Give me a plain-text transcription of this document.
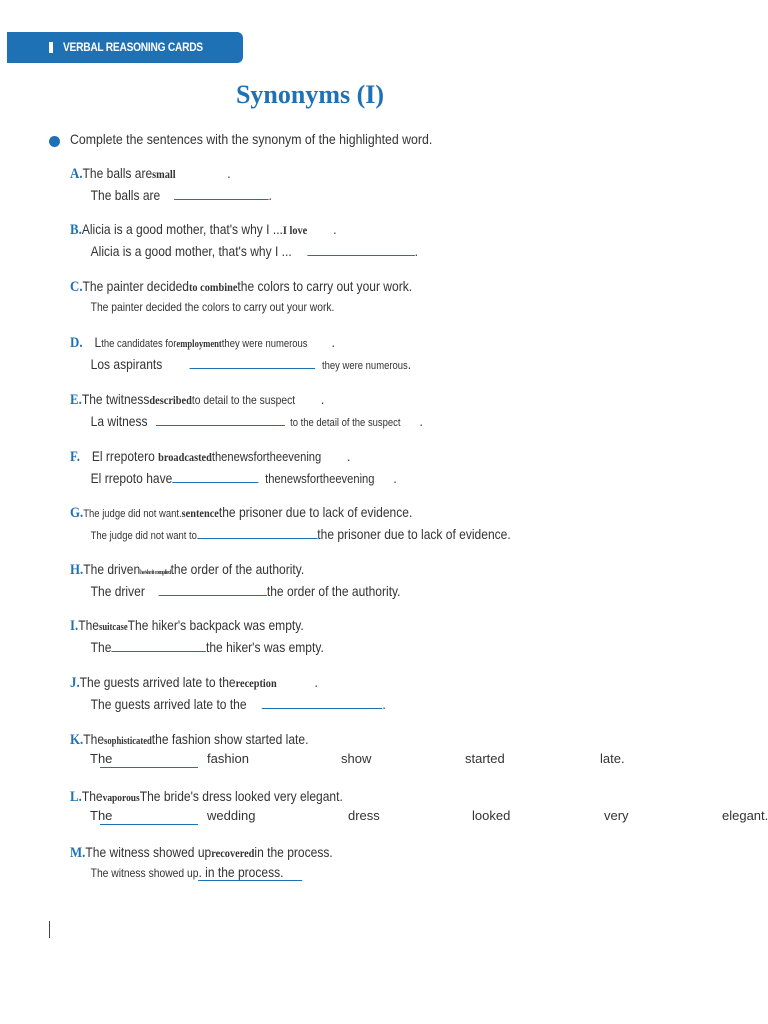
VERBAL REASONING CARDS
Synonyms (I)
Complete the sentences with the synonym of the highlighted word.
A.The balls aresmall	.
The balls are	.
B.Alicia is a good mother, that's why I ...I love .
Alicia is a good mother, that's why I ...	.
C.The painter decidedto combinethe colors to carry out your work.
The painter decided the colors to carry out your work.
D. Lthe candidates foremploymentthey were numerous .
Los aspirants	they were numerous.
E.The twitnessdescribedto detail to the suspect .
La witness	to the detail of the suspect .
F. El rrepotero broadcastedthenewsfortheevening .
El rrepoto have	thenewsfortheevening .
G.The judge did not want.sentencethe prisoner due to lack of evidence.
The judge did not want to	the prisoner due to lack of evidence.
H.The drivenhe/she/it compliedthe order of the authority.
The driver	the order of the authority.
I.ThesuitcaseThe hiker's backpack was empty.
The	the hiker's was empty.
J.The guests arrived late to thereception	.
The guests arrived late to the	.
K.Thesophisticatedthe fashion show started late.
The	fashion	show	started	late.
L.ThevaporousThe bride's dress looked very elegant.
The	wedding	dress	looked	very	elegant.
M.The witness showed uprecoveredin the process.
The witness showed up. in the process.
